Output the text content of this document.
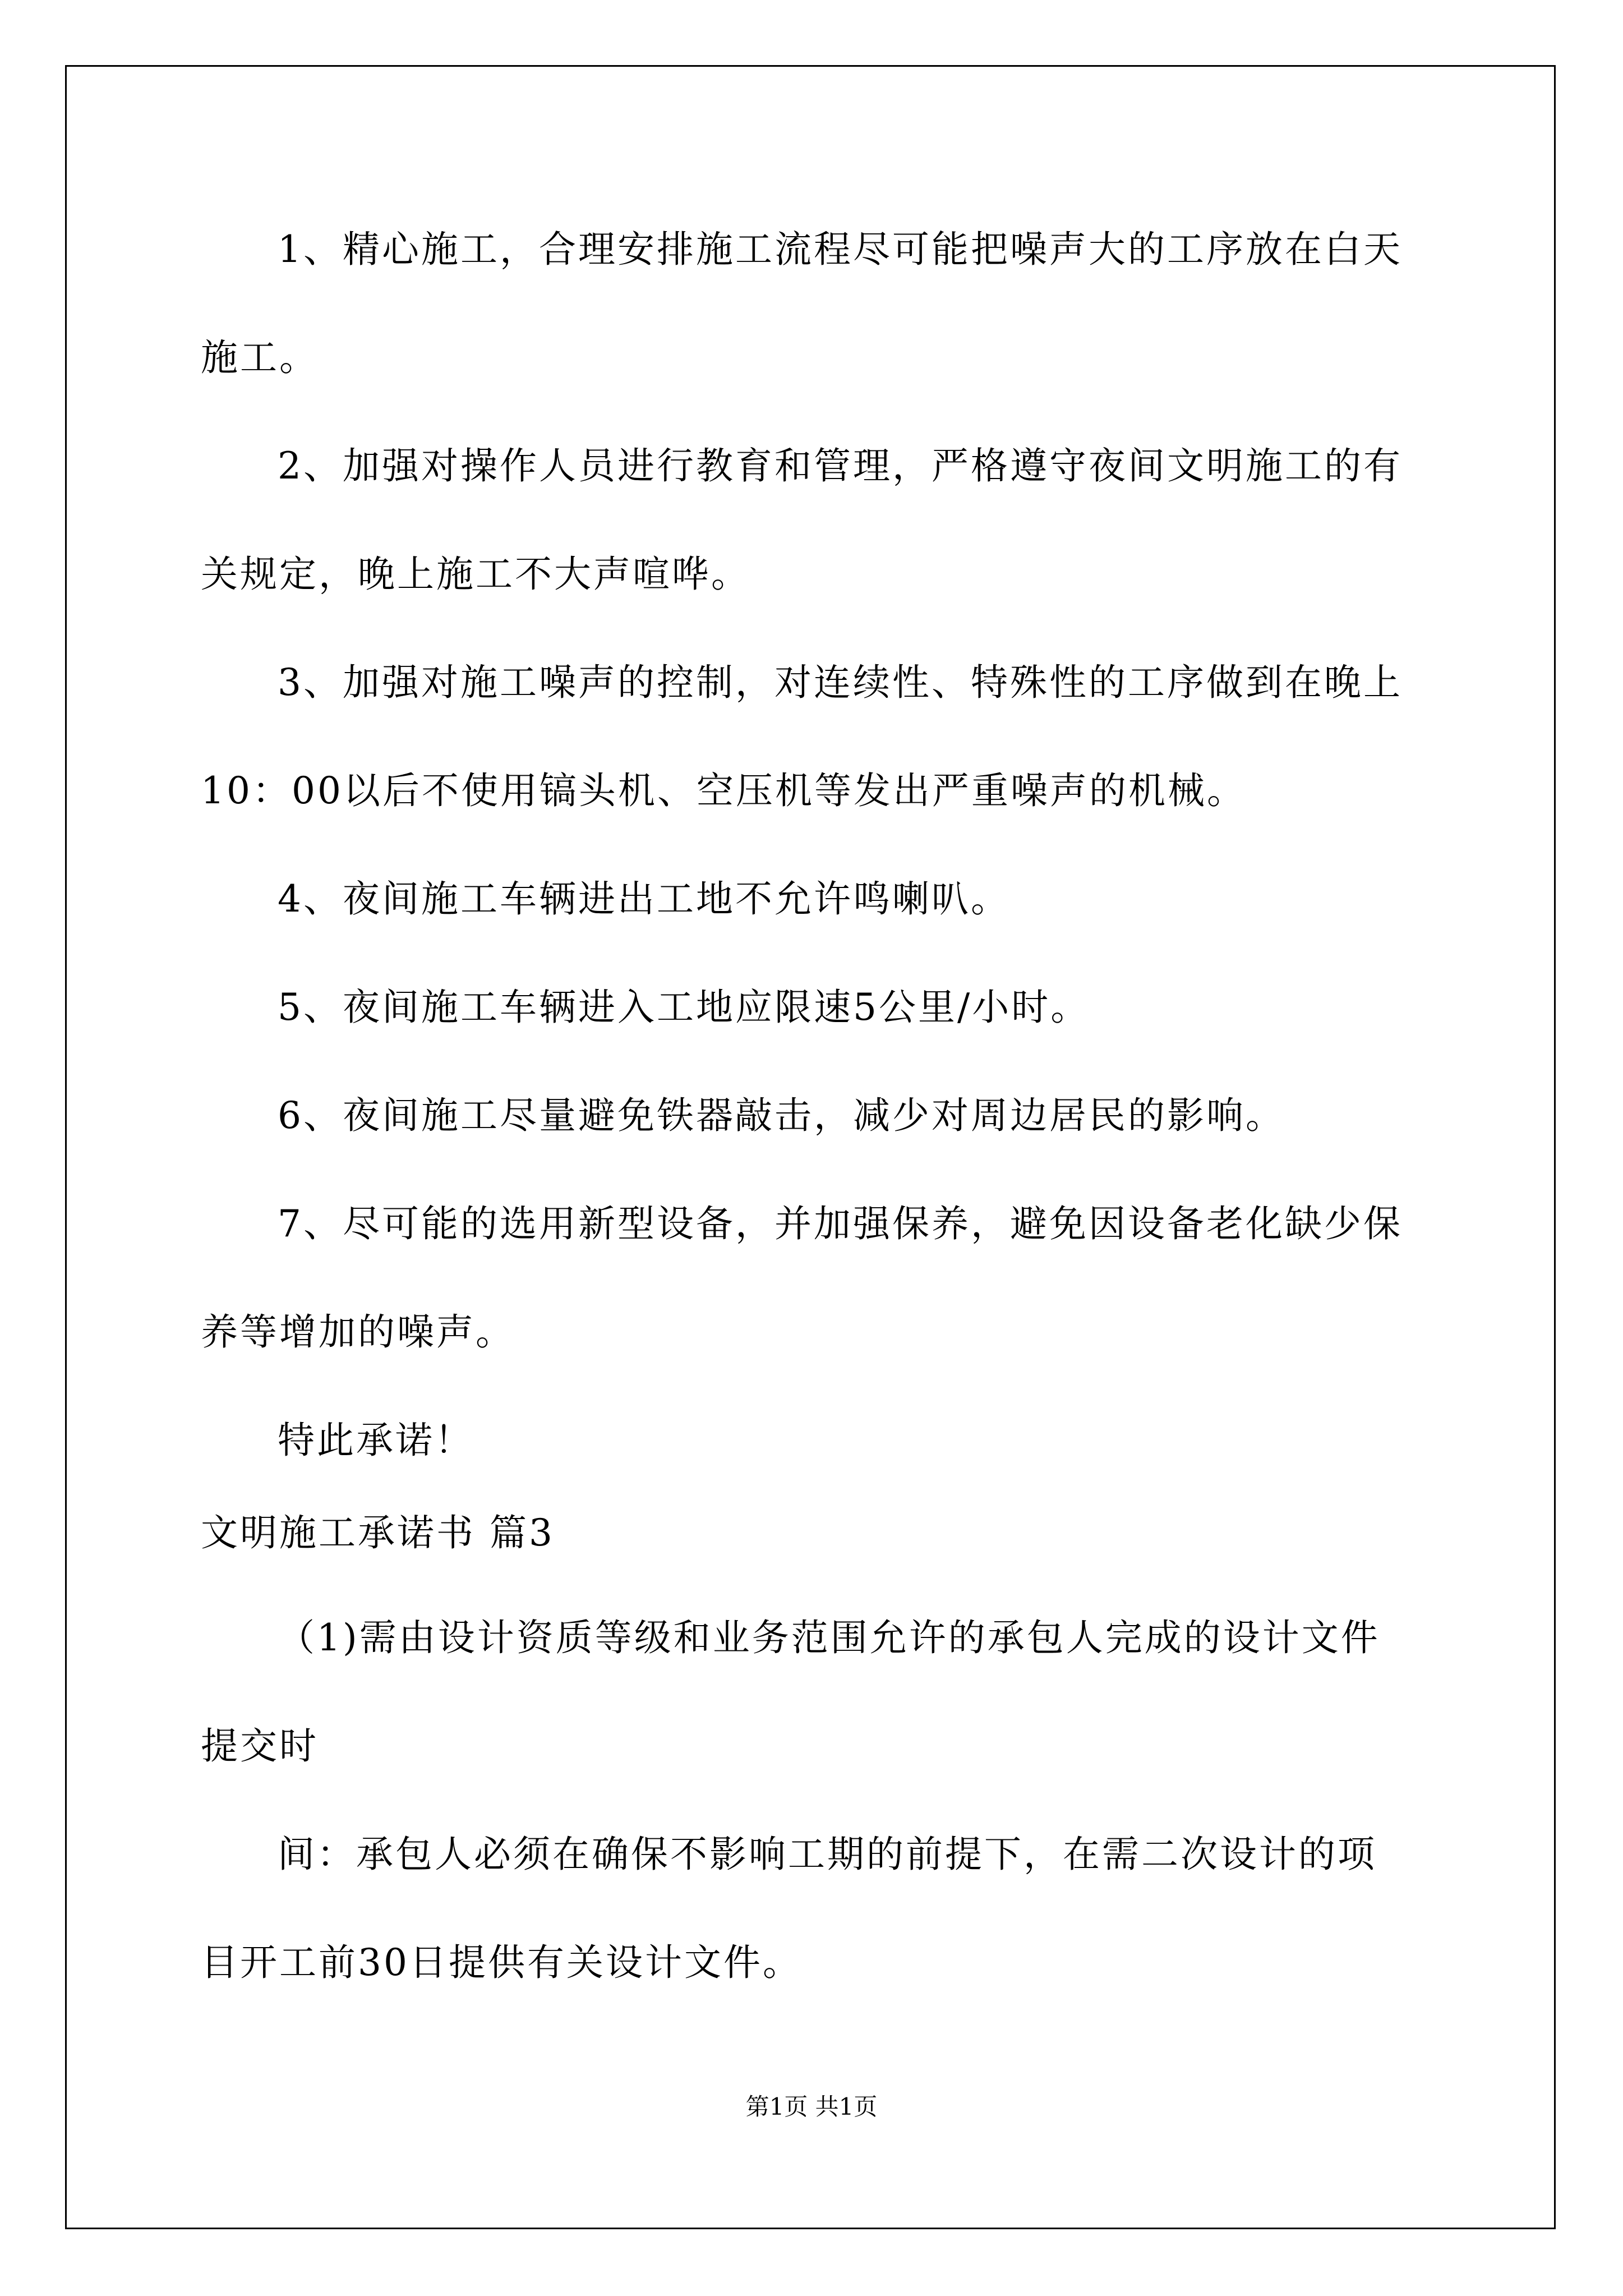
1、精心施工，合理安排施工流程尽可能把噪声大的工序放在白天
施工。
2、加强对操作人员进行教育和管理，严格遵守夜间文明施工的有
关规定，晚上施工不大声喧哗。
3、加强对施工噪声的控制，对连续性、特殊性的工序做到在晚上
10：00以后不使用镐头机、空压机等发出严重噪声的机械。
4、夜间施工车辆进出工地不允许鸣喇叭。
5、夜间施工车辆进入工地应限速5公里/小时。
6、夜间施工尽量避免铁器敲击，减少对周边居民的影响。
7、尽可能的选用新型设备，并加强保养，避免因设备老化缺少保
养等增加的噪声。
特此承诺！
文明施工承诺书 篇3
（1)需由设计资质等级和业务范围允许的承包人完成的设计文件
提交时
间：承包人必须在确保不影响工期的前提下，在需二次设计的项
目开工前30日提供有关设计文件。
第1页 共1页
